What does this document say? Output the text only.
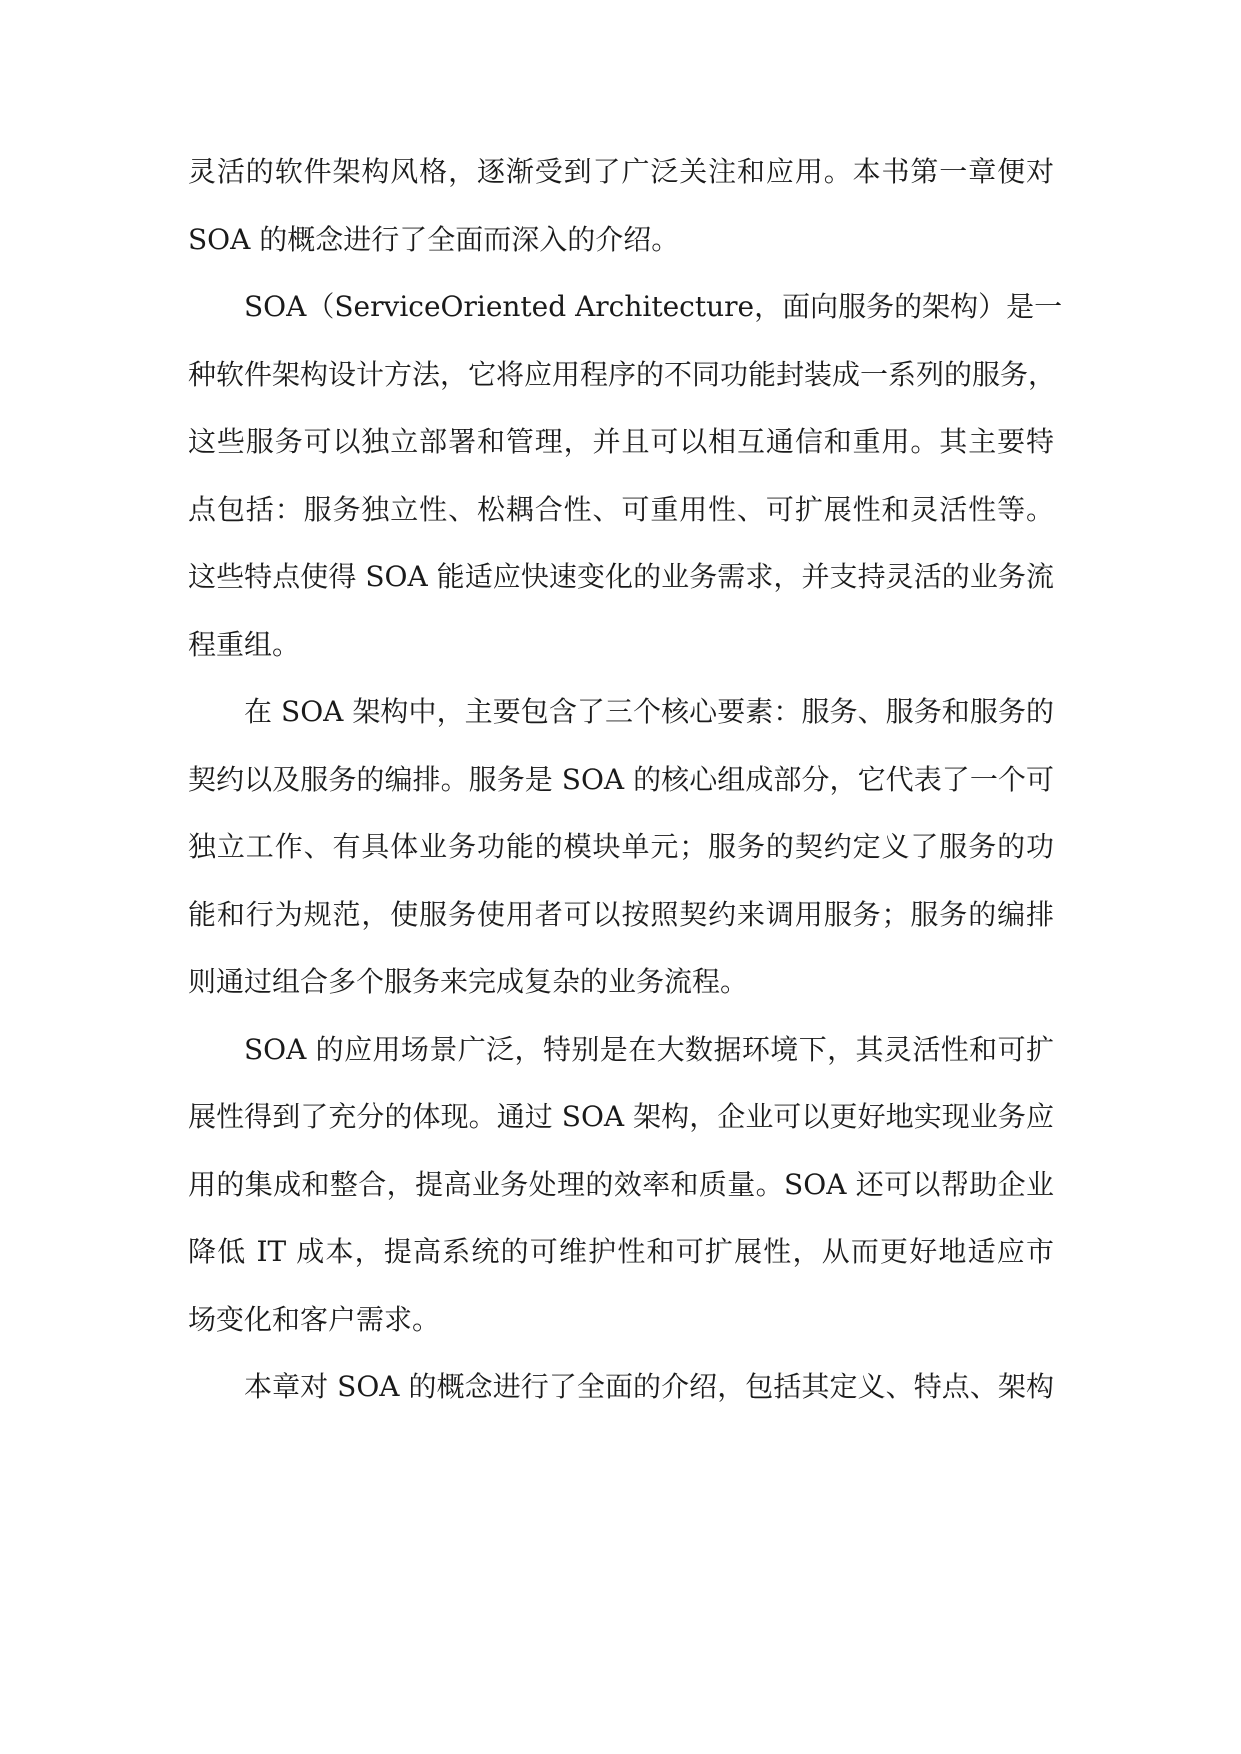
灵活的软件架构风格，逐渐受到了广泛关注和应用。本书第一章便对
SOA 的概念进行了全面而深入的介绍。
SOA（ServiceOriented Architecture，面向服务的架构）是一
种软件架构设计方法，它将应用程序的不同功能封装成一系列的服务，
这些服务可以独立部署和管理，并且可以相互通信和重用。其主要特
点包括：服务独立性、松耦合性、可重用性、可扩展性和灵活性等。
这些特点使得 SOA 能适应快速变化的业务需求，并支持灵活的业务流
程重组。
在 SOA 架构中，主要包含了三个核心要素：服务、服务和服务的
契约以及服务的编排。服务是 SOA 的核心组成部分，它代表了一个可
独立工作、有具体业务功能的模块单元；服务的契约定义了服务的功
能和行为规范，使服务使用者可以按照契约来调用服务；服务的编排
则通过组合多个服务来完成复杂的业务流程。
SOA 的应用场景广泛，特别是在大数据环境下，其灵活性和可扩
展性得到了充分的体现。通过 SOA 架构，企业可以更好地实现业务应
用的集成和整合，提高业务处理的效率和质量。SOA 还可以帮助企业
降低 IT 成本，提高系统的可维护性和可扩展性，从而更好地适应市
场变化和客户需求。
本章对 SOA 的概念进行了全面的介绍，包括其定义、特点、架构
